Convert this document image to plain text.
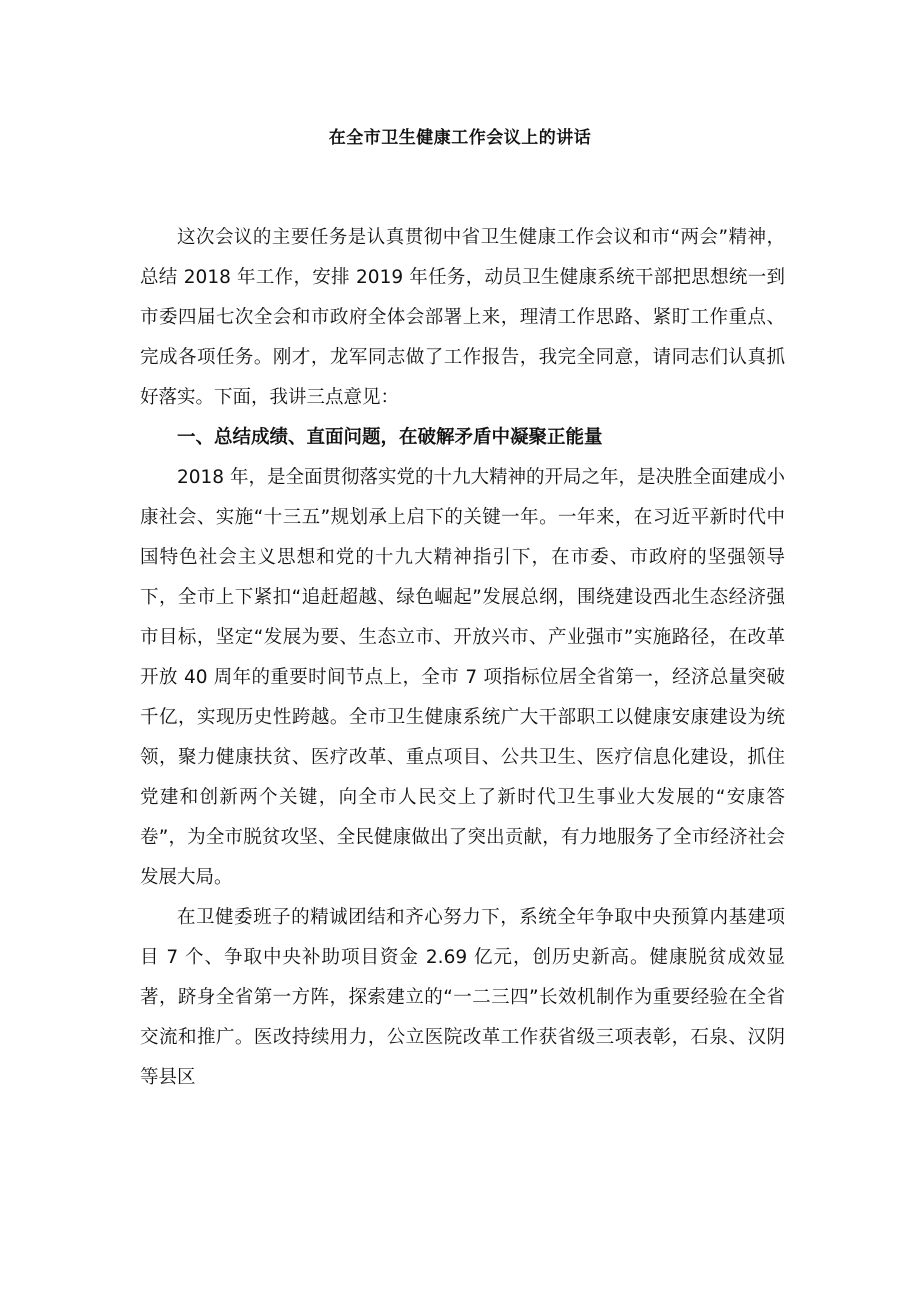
在全市卫生健康工作会议上的讲话

这次会议的主要任务是认真贯彻中省卫生健康工作会议和市“两会”精神，总结 2018 年工作，安排 2019 年任务，动员卫生健康系统干部把思想统一到市委四届七次全会和市政府全体会部署上来，理清工作思路、紧盯工作重点、完成各项任务。刚才，龙军同志做了工作报告，我完全同意，请同志们认真抓好落实。下面，我讲三点意见：

一、总结成绩、直面问题，在破解矛盾中凝聚正能量

2018 年，是全面贯彻落实党的十九大精神的开局之年，是决胜全面建成小康社会、实施“十三五”规划承上启下的关键一年。一年来，在习近平新时代中国特色社会主义思想和党的十九大精神指引下，在市委、市政府的坚强领导下，全市上下紧扣“追赶超越、绿色崛起”发展总纲，围绕建设西北生态经济强市目标，坚定“发展为要、生态立市、开放兴市、产业强市”实施路径，在改革开放 40 周年的重要时间节点上，全市 7 项指标位居全省第一，经济总量突破千亿，实现历史性跨越。全市卫生健康系统广大干部职工以健康安康建设为统领，聚力健康扶贫、医疗改革、重点项目、公共卫生、医疗信息化建设，抓住党建和创新两个关键，向全市人民交上了新时代卫生事业大发展的“安康答卷”，为全市脱贫攻坚、全民健康做出了突出贡献，有力地服务了全市经济社会发展大局。

在卫健委班子的精诚团结和齐心努力下，系统全年争取中央预算内基建项目 7 个、争取中央补助项目资金 2.69 亿元，创历史新高。健康脱贫成效显著，跻身全省第一方阵，探索建立的“一二三四”长效机制作为重要经验在全省交流和推广。医改持续用力，公立医院改革工作获省级三项表彰，石泉、汉阴等县区
